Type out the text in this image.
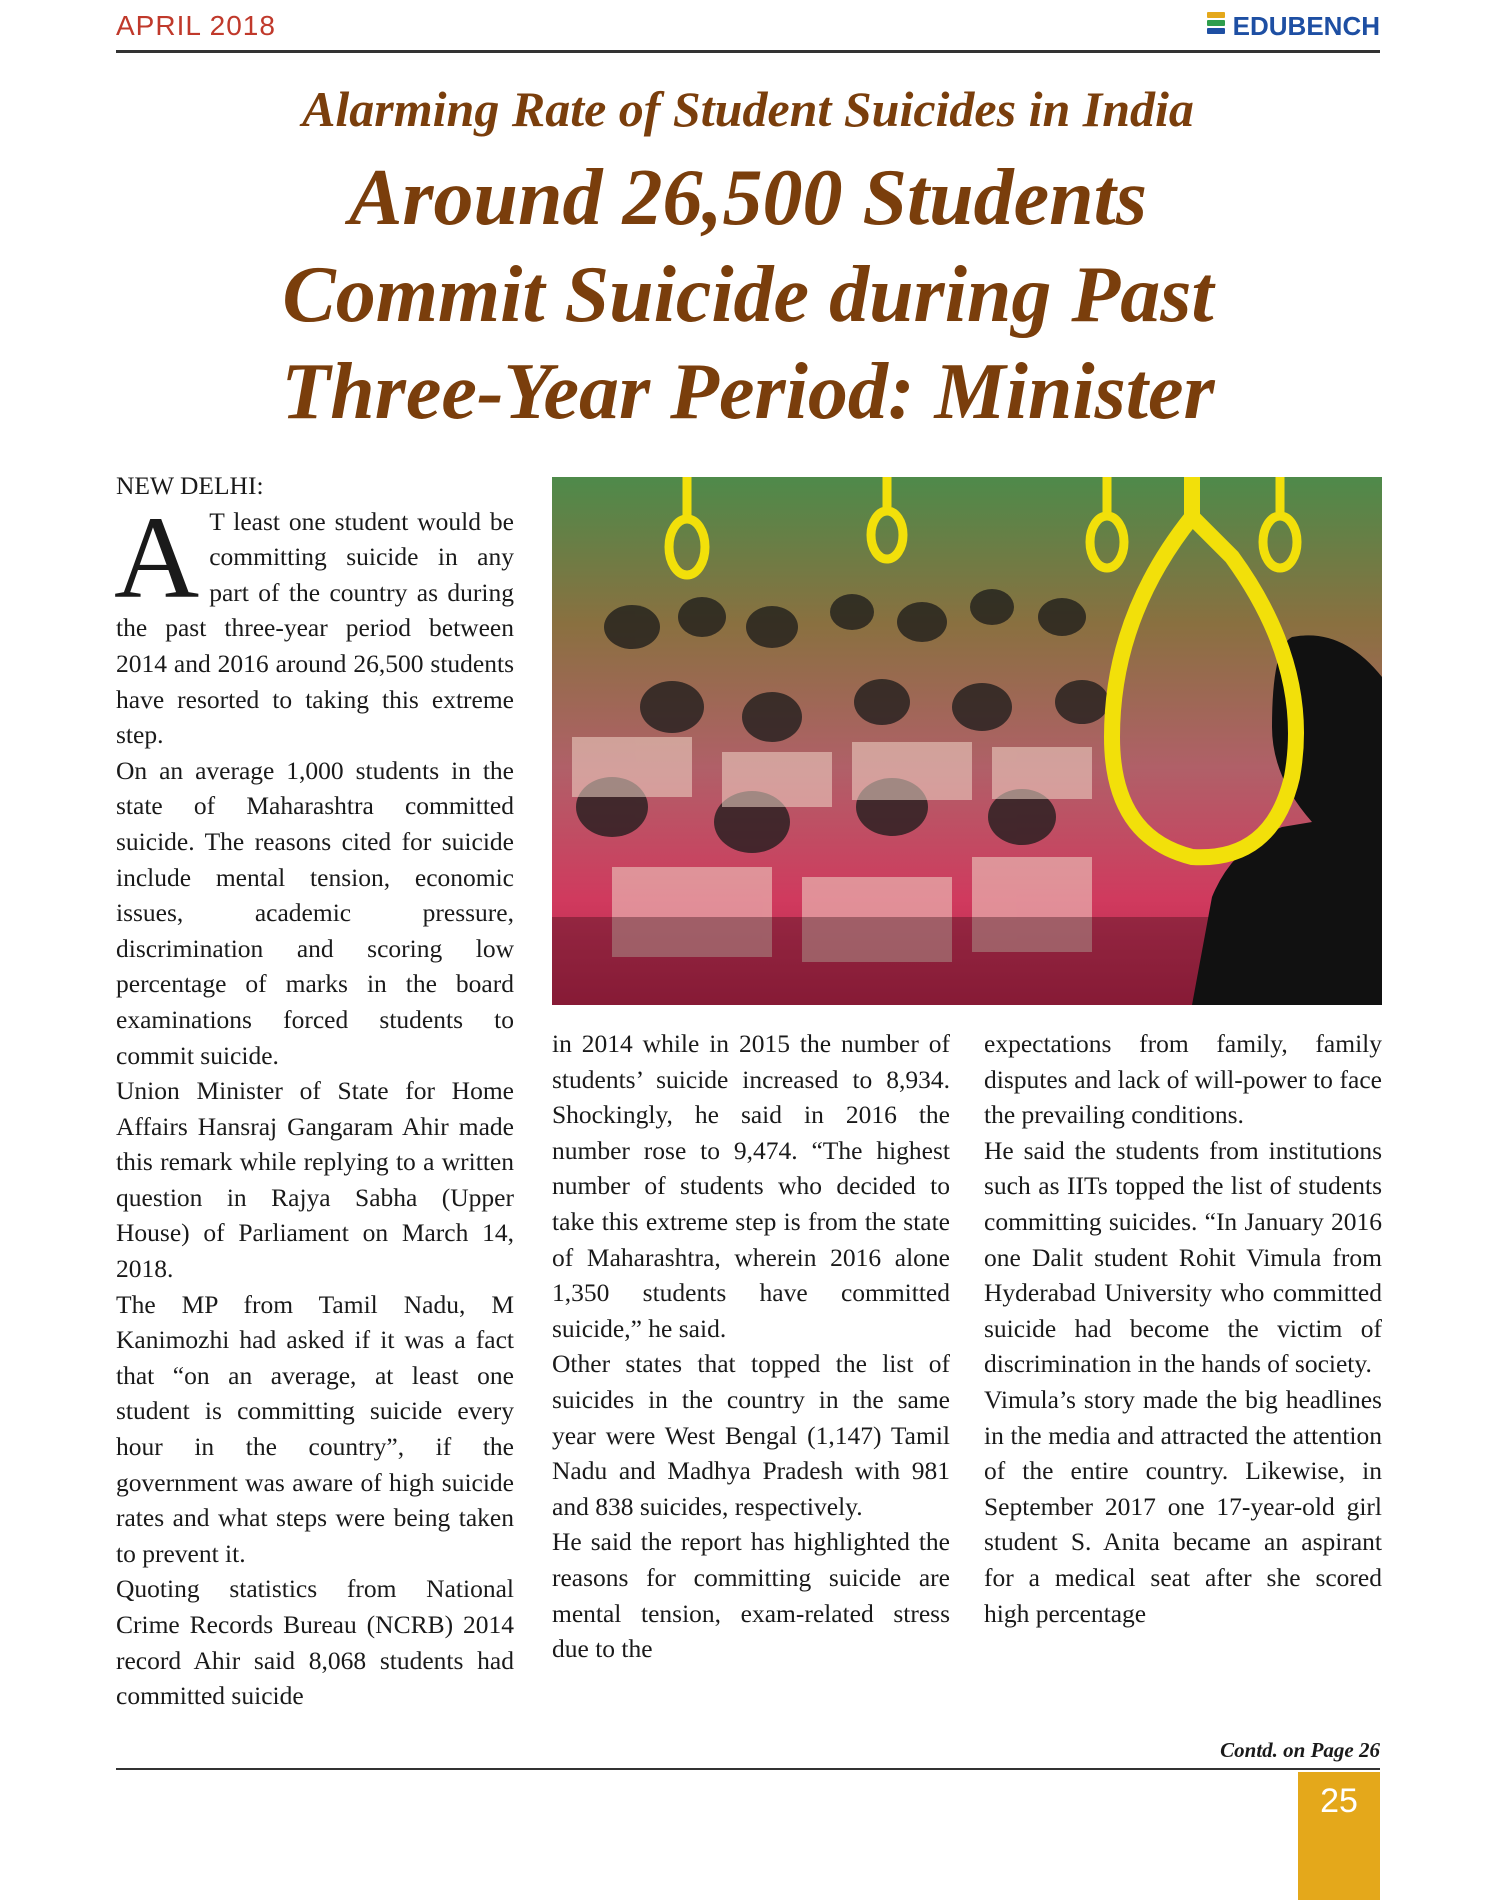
APRIL 2018	EDUBENCH
Alarming Rate of Student Suicides in India
Around 26,500 Students
Commit Suicide during Past
Three-Year Period: Minister

NEW DELHI:

A T least one student would be committing suicide in any part of the country as during the past three-year period between 2014 and 2016 around 26,500 students have resorted to taking this extreme step.

On an average 1,000 students in the state of Maharashtra committed suicide. The reasons cited for suicide include mental tension, economic issues, academic pressure, discrimination and scoring low percentage of marks in the board examinations forced students to commit suicide.

Union Minister of State for Home Affairs Hansraj Gangaram Ahir made this remark while replying to a written question in Rajya Sabha (Upper House) of Parliament on March 14, 2018.

The MP from Tamil Nadu, M Kanimozhi had asked if it was a fact that “on an average, at least one student is committing suicide every hour in the country”, if the government was aware of high suicide rates and what steps were being taken to prevent it.

Quoting statistics from National Crime Records Bureau (NCRB) 2014 record Ahir said 8,068 students had committed suicide

in 2014 while in 2015 the number of students’ suicide increased to 8,934. Shockingly, he said in 2016 the number rose to 9,474. “The highest number of students who decided to take this extreme step is from the state of Maharashtra, wherein 2016 alone 1,350 students have committed suicide,” he said.

Other states that topped the list of suicides in the country in the same year were West Bengal (1,147) Tamil Nadu and Madhya Pradesh with 981 and 838 suicides, respectively.

He said the report has highlighted the reasons for committing suicide are mental tension, exam-related stress due to the

expectations from family, family disputes and lack of will-power to face the prevailing conditions.

He said the students from institutions such as IITs topped the list of students committing suicides. “In January 2016 one Dalit student Rohit Vimula from Hyderabad University who committed suicide had become the victim of discrimination in the hands of society.

Vimula’s story made the big headlines in the media and attracted the attention of the entire country. Likewise, in September 2017 one 17-year-old girl student S. Anita became an aspirant for a medical seat after she scored high percentage

Contd. on Page 26
25
